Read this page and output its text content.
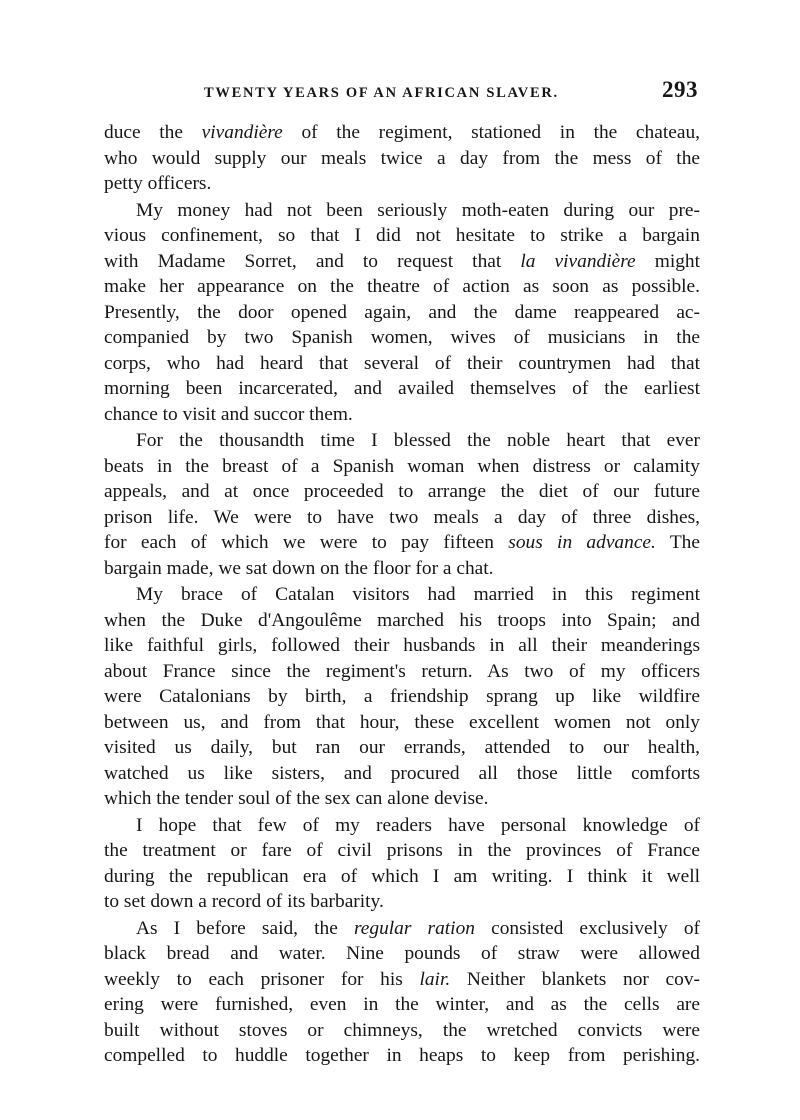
TWENTY YEARS OF AN AFRICAN SLAVER.	293
duce the vivandière of the regiment, stationed in the chateau,
who would supply our meals twice a day from the mess of the
petty officers.
My money had not been seriously moth-eaten during our pre-
vious confinement, so that I did not hesitate to strike a bargain
with Madame Sorret, and to request that la vivandière might
make her appearance on the theatre of action as soon as possible.
Presently, the door opened again, and the dame reappeared ac-
companied by two Spanish women, wives of musicians in the
corps, who had heard that several of their countrymen had that
morning been incarcerated, and availed themselves of the earliest
chance to visit and succor them.
For the thousandth time I blessed the noble heart that ever
beats in the breast of a Spanish woman when distress or calamity
appeals, and at once proceeded to arrange the diet of our future
prison life. We were to have two meals a day of three dishes,
for each of which we were to pay fifteen sous in advance. The
bargain made, we sat down on the floor for a chat.
My brace of Catalan visitors had married in this regiment
when the Duke d'Angoulême marched his troops into Spain; and
like faithful girls, followed their husbands in all their meanderings
about France since the regiment's return. As two of my officers
were Catalonians by birth, a friendship sprang up like wildfire
between us, and from that hour, these excellent women not only
visited us daily, but ran our errands, attended to our health,
watched us like sisters, and procured all those little comforts
which the tender soul of the sex can alone devise.
I hope that few of my readers have personal knowledge of
the treatment or fare of civil prisons in the provinces of France
during the republican era of which I am writing. I think it well
to set down a record of its barbarity.
As I before said, the regular ration consisted exclusively of
black bread and water. Nine pounds of straw were allowed
weekly to each prisoner for his lair. Neither blankets nor cov-
ering were furnished, even in the winter, and as the cells are
built without stoves or chimneys, the wretched convicts were
compelled to huddle together in heaps to keep from perishing.
